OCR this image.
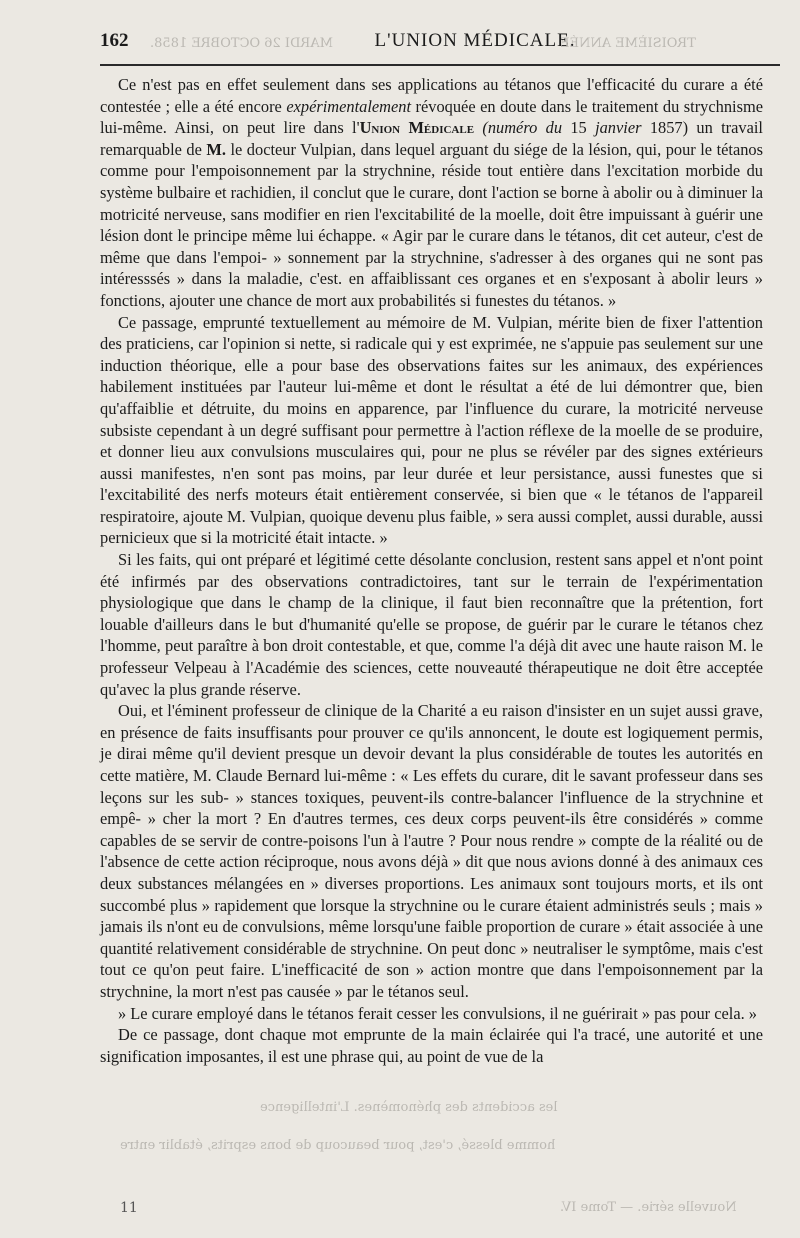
162	L'UNION MÉDICALE.

Ce n'est pas en effet seulement dans ses applications au tétanos que l'efficacité du curare a été contestée ; elle a été encore expérimentalement révoquée en doute dans le traitement du strychnisme lui-même. Ainsi, on peut lire dans l'Union Médicale (numéro du 15 janvier 1857) un travail remarquable de M. le docteur Vulpian, dans lequel arguant du siége de la lésion, qui, pour le tétanos comme pour l'empoisonnement par la strychnine, réside tout entière dans l'excitation morbide du système bulbaire et rachidien, il conclut que le curare, dont l'action se borne à abolir ou à diminuer la motricité nerveuse, sans modifier en rien l'excitabilité de la moelle, doit être impuissant à guérir une lésion dont le principe même lui échappe. « Agir par le curare dans le tétanos, dit cet auteur, c'est de même que dans l'empoi- » sonnement par la strychnine, s'adresser à des organes qui ne sont pas intéresssés » dans la maladie, c'est. en affaiblissant ces organes et en s'exposant à abolir leurs » fonctions, ajouter une chance de mort aux probabilités si funestes du tétanos. »

Ce passage, emprunté textuellement au mémoire de M. Vulpian, mérite bien de fixer l'attention des praticiens, car l'opinion si nette, si radicale qui y est exprimée, ne s'appuie pas seulement sur une induction théorique, elle a pour base des observations faites sur les animaux, des expériences habilement instituées par l'auteur lui-même et dont le résultat a été de lui démontrer que, bien qu'affaiblie et détruite, du moins en apparence, par l'influence du curare, la motricité nerveuse subsiste cependant à un degré suffisant pour permettre à l'action réflexe de la moelle de se produire, et donner lieu aux convulsions musculaires qui, pour ne plus se révéler par des signes extérieurs aussi manifestes, n'en sont pas moins, par leur durée et leur persistance, aussi funestes que si l'excitabilité des nerfs moteurs était entièrement conservée, si bien que « le tétanos de l'appareil respiratoire, ajoute M. Vulpian, quoique devenu plus faible, » sera aussi complet, aussi durable, aussi pernicieux que si la motricité était intacte. »

Si les faits, qui ont préparé et légitimé cette désolante conclusion, restent sans appel et n'ont point été infirmés par des observations contradictoires, tant sur le terrain de l'expérimentation physiologique que dans le champ de la clinique, il faut bien reconnaître que la prétention, fort louable d'ailleurs dans le but d'humanité qu'elle se propose, de guérir par le curare le tétanos chez l'homme, peut paraître à bon droit contestable, et que, comme l'a déjà dit avec une haute raison M. le professeur Velpeau à l'Académie des sciences, cette nouveauté thérapeutique ne doit être acceptée qu'avec la plus grande réserve.

Oui, et l'éminent professeur de clinique de la Charité a eu raison d'insister en un sujet aussi grave, en présence de faits insuffisants pour prouver ce qu'ils annoncent, le doute est logiquement permis, je dirai même qu'il devient presque un devoir devant la plus considérable de toutes les autorités en cette matière, M. Claude Bernard lui-même : « Les effets du curare, dit le savant professeur dans ses leçons sur les sub- » stances toxiques, peuvent-ils contre-balancer l'influence de la strychnine et empê- » cher la mort ? En d'autres termes, ces deux corps peuvent-ils être considérés » comme capables de se servir de contre-poisons l'un à l'autre ? Pour nous rendre » compte de la réalité ou de l'absence de cette action réciproque, nous avons déjà » dit que nous avions donné à des animaux ces deux substances mélangées en » diverses proportions. Les animaux sont toujours morts, et ils ont succombé plus » rapidement que lorsque la strychnine ou le curare étaient administrés seuls ; mais » jamais ils n'ont eu de convulsions, même lorsqu'une faible proportion de curare » était associée à une quantité relativement considérable de strychnine. On peut donc » neutraliser le symptôme, mais c'est tout ce qu'on peut faire. L'inefficacité de son » action montre que dans l'empoisonnement par la strychnine, la mort n'est pas causée » par le tétanos seul.

» Le curare employé dans le tétanos ferait cesser les convulsions, il ne guérirait » pas pour cela. »

De ce passage, dont chaque mot emprunte de la main éclairée qui l'a tracé, une autorité et une signification imposantes, il est une phrase qui, au point de vue de la

11
TROISIÈME ANNÉE
MARDI 26 OCTOBRE 1858.
les accidents des phénomènes. L'intelligence
homme blessé, c'est, pour beaucoup de bons esprits, établir entre
Nouvelle série. — Tome IV.
